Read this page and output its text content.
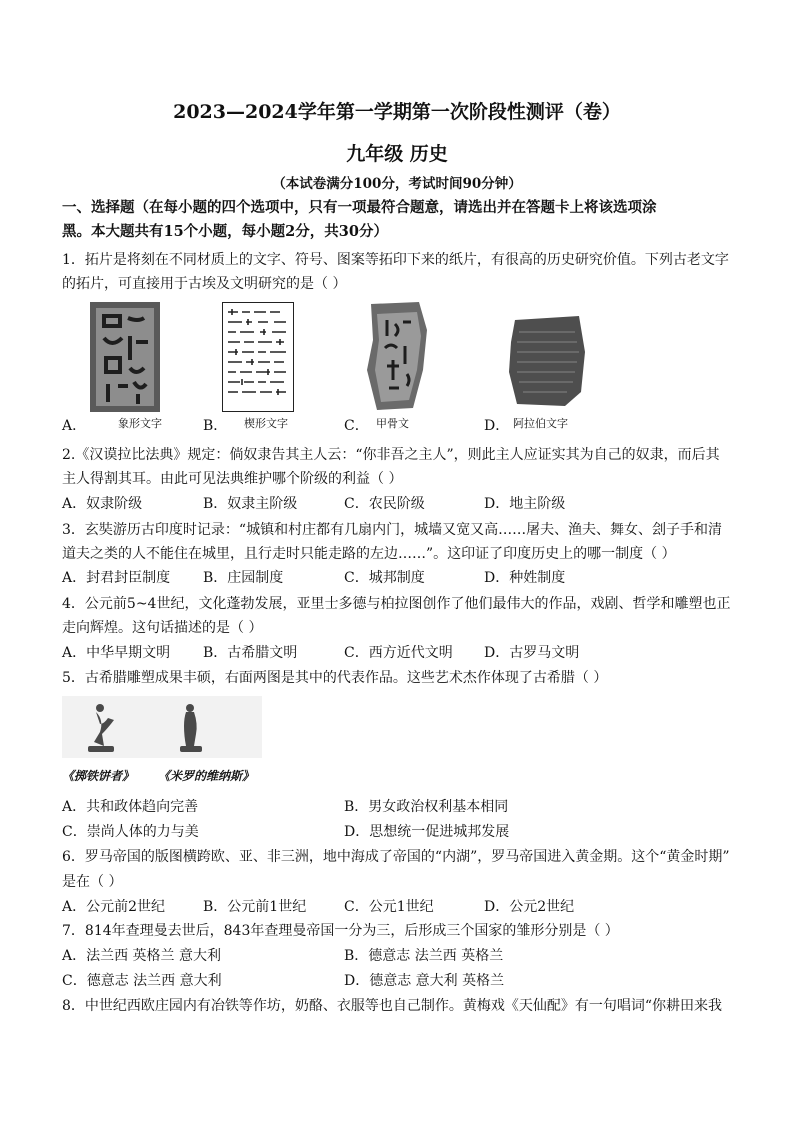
2023—2024学年第一学期第一次阶段性测评（卷）
九年级 历史
（本试卷满分100分，考试时间90分钟）
一、选择题（在每小题的四个选项中，只有一项最符合题意，请选出并在答题卡上将该选项涂
黑。本大题共有15个小题，每小题2分，共30分）
1．拓片是将刻在不同材质上的文字、符号、图案等拓印下来的纸片，有很高的历史研究价值。下列古老文字
的拓片，可直接用于古埃及文明研究的是（ ）
A．	象形文字	B． 楔形文字	C． 甲骨文	D． 阿拉伯文字
2.《汉谟拉比法典》规定：倘奴隶告其主人云：“你非吾之主人”，则此主人应证实其为自己的奴隶，而后其
主人得割其耳。由此可见法典维护哪个阶级的利益（ ）
A．奴隶阶级	B．奴隶主阶级	C．农民阶级	D．地主阶级
3．玄奘游历古印度时记录：“城镇和村庄都有几扇内门，城墙又宽又高……屠夫、渔夫、舞女、刽子手和清
道夫之类的人不能住在城里，且行走时只能走路的左边……”。这印证了印度历史上的哪一制度（ ）
A．封君封臣制度 B．庄园制度	C．城邦制度	D．种姓制度
4．公元前5~4世纪，文化蓬勃发展，亚里士多德与柏拉图创作了他们最伟大的作品，戏剧、哲学和雕塑也正
走向辉煌。这句话描述的是（ ）
A．中华早期文明 B．古希腊文明	C．西方近代文明 D．古罗马文明
5．古希腊雕塑成果丰硕，右面两图是其中的代表作品。这些艺术杰作体现了古希腊（ ）
《掷铁饼者》 《米罗的维纳斯》
A．共和政体趋向完善	B．男女政治权利基本相同
C．崇尚人体的力与美	D．思想统一促进城邦发展
6．罗马帝国的版图横跨欧、亚、非三洲，地中海成了帝国的“内湖”，罗马帝国进入黄金期。这个“黄金时期”
是在（ ）
A．公元前2世纪	B．公元前1世纪	C．公元1世纪	D．公元2世纪
7．814年查理曼去世后，843年查理曼帝国一分为三，后形成三个国家的雏形分别是（ ）
A．法兰西 英格兰 意大利	B．德意志 法兰西 英格兰
C．德意志 法兰西 意大利	D．德意志 意大利 英格兰
8．中世纪西欧庄园内有冶铁等作坊，奶酪、衣服等也自己制作。黄梅戏《天仙配》有一句唱词“你耕田来我
